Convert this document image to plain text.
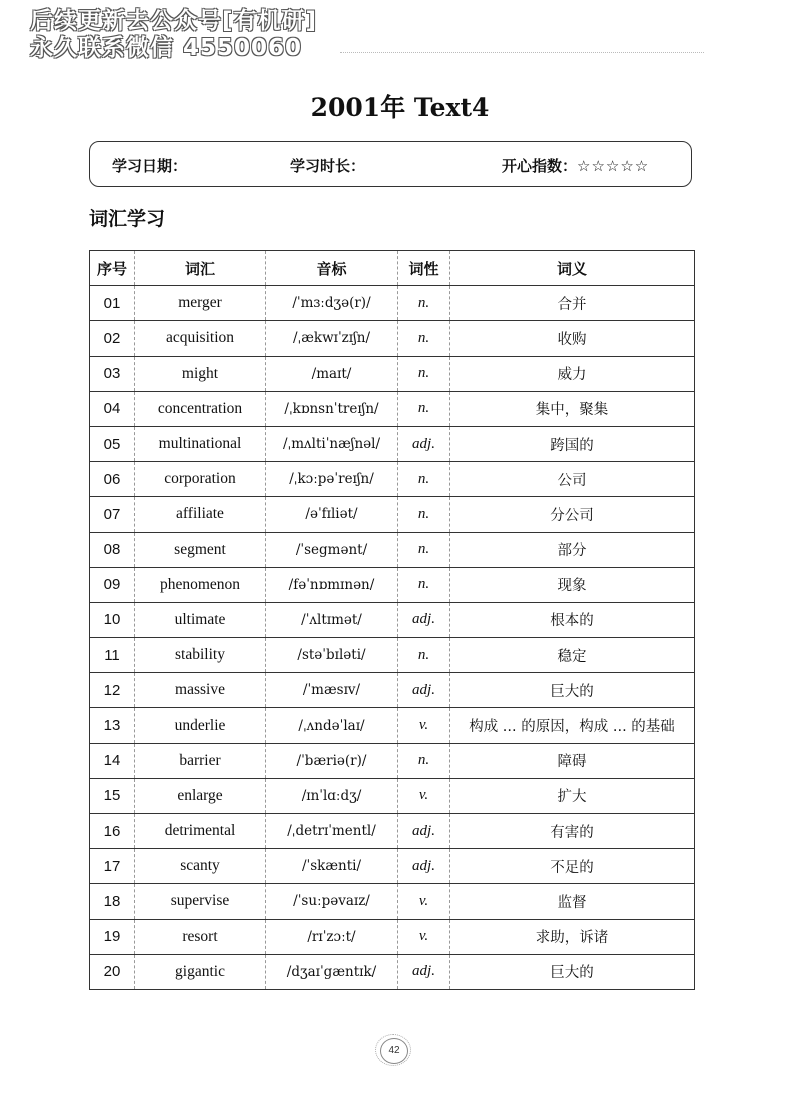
后续更新去公众号[有机研]
永久联系微信 4550060
2001年 Text4
学习日期：	学习时长：	开心指数：☆☆☆☆☆
词汇学习
序号	词汇	音标	词性	词义
01	merger	/ˈmɜːdʒə(r)/	n.	合并
02	acquisition	/ˌækwɪˈzɪʃn/	n.	收购
03	might	/maɪt/	n.	威力
04	concentration	/ˌkɒnsnˈtreɪʃn/	n.	集中，聚集
05	multinational	/ˌmʌltiˈnæʃnəl/	adj.	跨国的
06	corporation	/ˌkɔːpəˈreɪʃn/	n.	公司
07	affiliate	/əˈfɪliət/	n.	分公司
08	segment	/ˈsegmənt/	n.	部分
09	phenomenon	/fəˈnɒmɪnən/	n.	现象
10	ultimate	/ˈʌltɪmət/	adj.	根本的
11	stability	/stəˈbɪləti/	n.	稳定
12	massive	/ˈmæsɪv/	adj.	巨大的
13	underlie	/ˌʌndəˈlaɪ/	v.	构成 ... 的原因，构成 ... 的基础
14	barrier	/ˈbæriə(r)/	n.	障碍
15	enlarge	/ɪnˈlɑːdʒ/	v.	扩大
16	detrimental	/ˌdetrɪˈmentl/	adj.	有害的
17	scanty	/ˈskænti/	adj.	不足的
18	supervise	/ˈsuːpəvaɪz/	v.	监督
19	resort	/rɪˈzɔːt/	v.	求助，诉诸
20	gigantic	/dʒaɪˈgæntɪk/	adj.	巨大的
42
